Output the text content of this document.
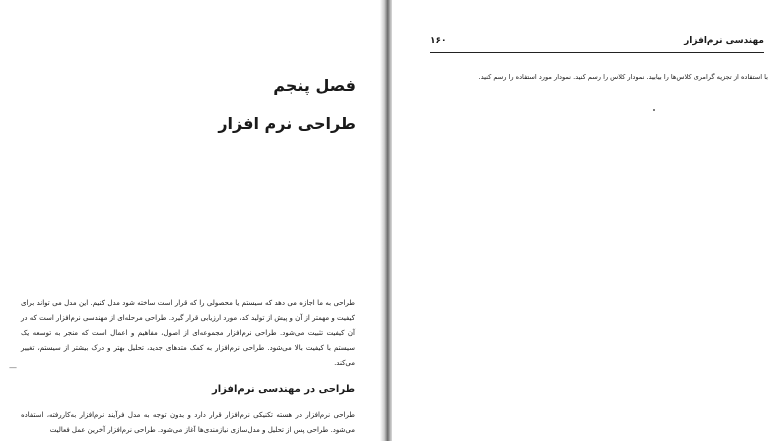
فصل پنجم
طراحی نرم افزار

طراحی به ما اجازه می دهد که سیستم یا محصولی را که قرار است ساخته شود مدل کنیم. این مدل می تواند برای کیفیت و مهمتر از آن و پیش از تولید کد، مورد ارزیابی قرار گیرد. طراحی مرحله‌ای از مهندسی نرم‌افزار است که در آن کیفیت تثبیت می‌شود. طراحی نرم‌افزار مجموعه‌ای از اصول، مفاهیم و اعمال است که منجر به توسعه یک سیستم با کیفیت بالا می‌شود. طراحی نرم‌افزار به کمک متدهای جدید، تحلیل بهتر و درک بیشتر از سیستم، تغییر می‌کند.

—
طراحی در مهندسی نرم‌افزار

طراحی نرم‌افزار در هسته تکنیکی نرم‌افزار قرار دارد و بدون توجه به مدل فرآیند نرم‌افزار به‌کاررفته، استفاده می‌شود. طراحی پس از تحلیل و مدل‌سازی نیازمندی‌ها آغاز می‌شود. طراحی نرم‌افزار آخرین عمل فعالیت

۱۶۰	مهندسی نرم‌افزار

با استفاده از تجزیه گرامری کلاس‌ها را بیابید. نمودار کلاس را رسم کنید. نمودار مورد استفاده را رسم کنید.
